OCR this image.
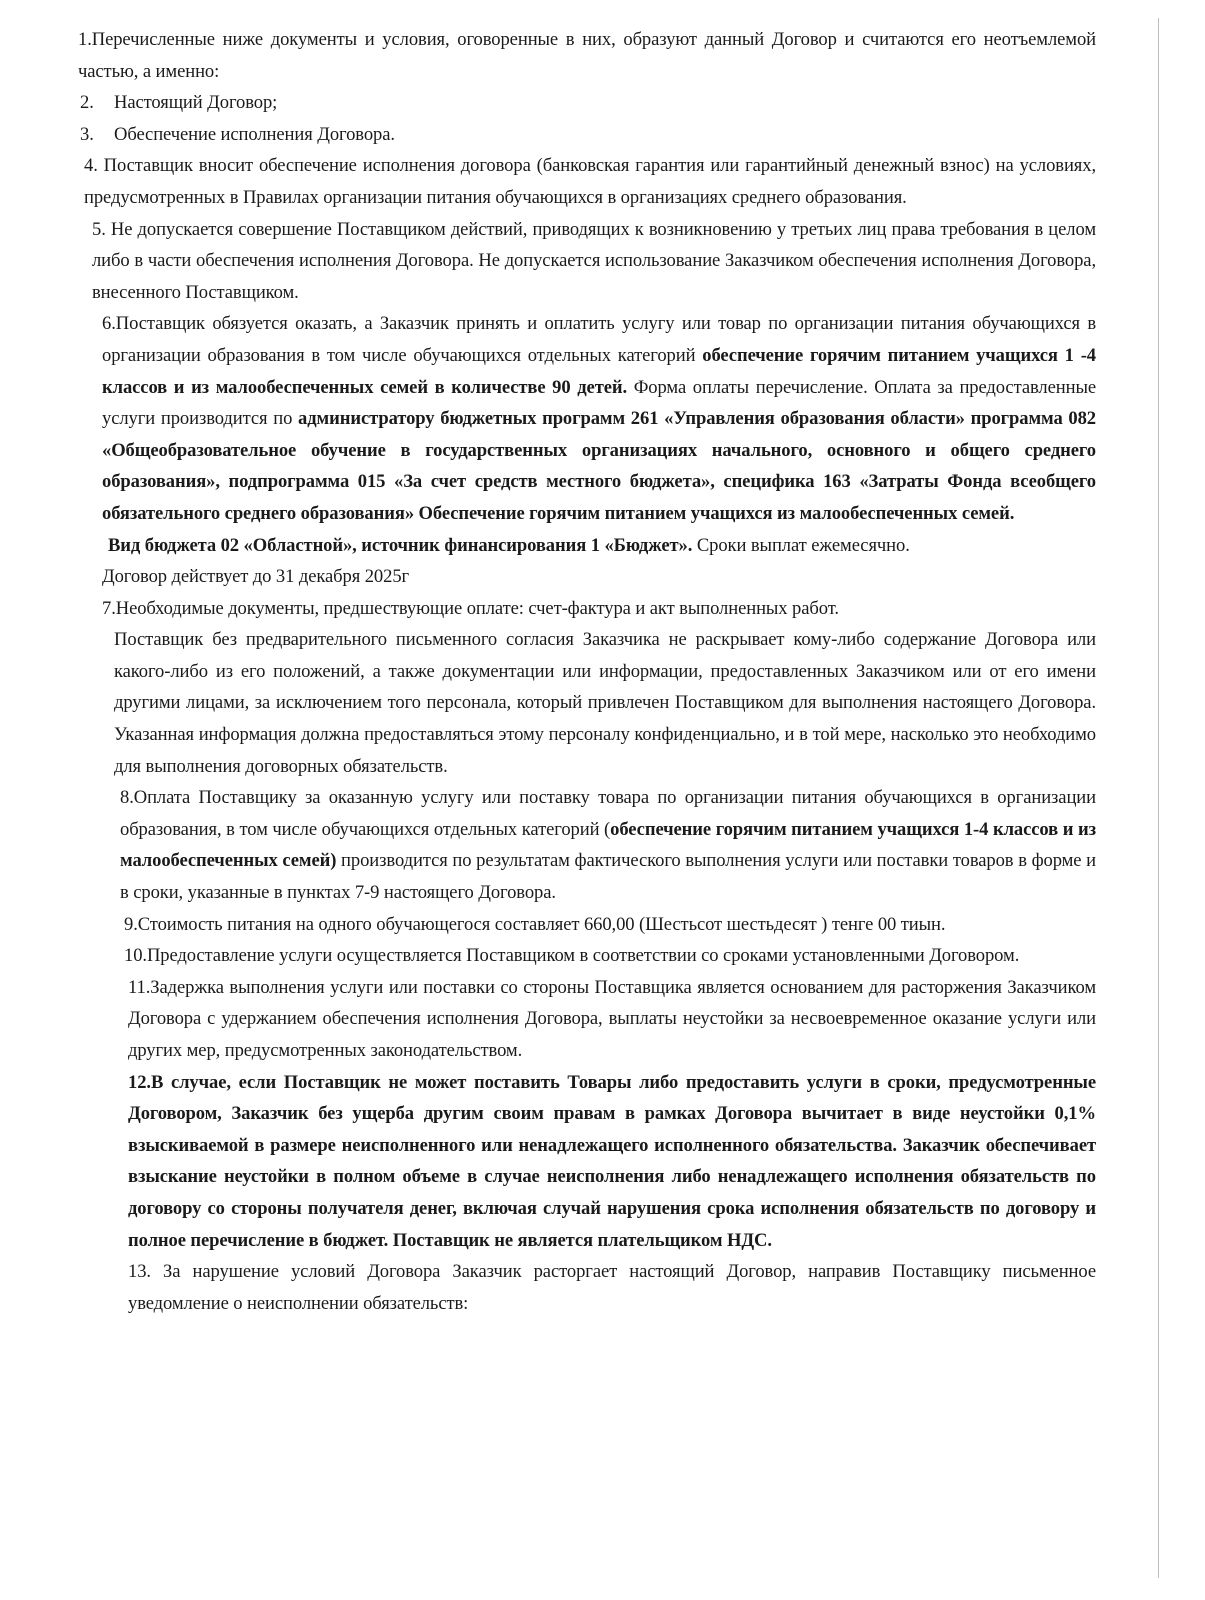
1.Перечисленные ниже документы и условия, оговоренные в них, образуют данный Договор и считаются его неотъемлемой частью, а именно:

2. Настоящий Договор;

3. Обеспечение исполнения Договора.

4. Поставщик вносит обеспечение исполнения договора (банковская гарантия или гарантийный денежный взнос) на условиях, предусмотренных в Правилах организации питания обучающихся в организациях среднего образования.

5. Не допускается совершение Поставщиком действий, приводящих к возникновению у третьих лиц права требования в целом либо в части обеспечения исполнения Договора. Не допускается использование Заказчиком обеспечения исполнения Договора, внесенного Поставщиком.

6.Поставщик обязуется оказать, а Заказчик принять и оплатить услугу или товар по организации питания обучающихся в организации образования в том числе обучающихся отдельных категорий обеспечение горячим питанием учащихся 1 -4 классов и из малообеспеченных семей в количестве 90 детей. Форма оплаты перечисление. Оплата за предоставленные услуги производится по администратору бюджетных программ 261 «Управления образования области» программа 082 «Общеобразовательное обучение в государственных организациях начального, основного и общего среднего образования», подпрограмма 015 «За счет средств местного бюджета», специфика 163 «Затраты Фонда всеобщего обязательного среднего образования» Обеспечение горячим питанием учащихся из малообеспеченных семей.

Вид бюджета 02 «Областной», источник финансирования 1 «Бюджет». Сроки выплат ежемесячно.

Договор действует до 31 декабря 2025г

7.Необходимые документы, предшествующие оплате: счет-фактура и акт выполненных работ.

Поставщик без предварительного письменного согласия Заказчика не раскрывает кому-либо содержание Договора или какого-либо из его положений, а также документации или информации, предоставленных Заказчиком или от его имени другими лицами, за исключением того персонала, который привлечен Поставщиком для выполнения настоящего Договора. Указанная информация должна предоставляться этому персоналу конфиденциально, и в той мере, насколько это необходимо для выполнения договорных обязательств.

8.Оплата Поставщику за оказанную услугу или поставку товара по организации питания обучающихся в организации образования, в том числе обучающихся отдельных категорий (обеспечение горячим питанием учащихся 1-4 классов и из малообеспеченных семей) производится по результатам фактического выполнения услуги или поставки товаров в форме и в сроки, указанные в пунктах 7-9 настоящего Договора.

9.Стоимость питания на одного обучающегося составляет 660,00 (Шестьсот шестьдесят ) тенге 00 тиын.

10.Предоставление услуги осуществляется Поставщиком в соответствии со сроками установленными Договором.

11.Задержка выполнения услуги или поставки со стороны Поставщика является основанием для расторжения Заказчиком Договора с удержанием обеспечения исполнения Договора, выплаты неустойки за несвоевременное оказание услуги или других мер, предусмотренных законодательством.

12.В случае, если Поставщик не может поставить Товары либо предоставить услуги в сроки, предусмотренные Договором, Заказчик без ущерба другим своим правам в рамках Договора вычитает в виде неустойки 0,1% взыскиваемой в размере неисполненного или ненадлежащего исполненного обязательства. Заказчик обеспечивает взыскание неустойки в полном объеме в случае неисполнения либо ненадлежащего исполнения обязательств по договору со стороны получателя денег, включая случай нарушения срока исполнения обязательств по договору и полное перечисление в бюджет. Поставщик не является плательщиком НДС.

13. За нарушение условий Договора Заказчик расторгает настоящий Договор, направив Поставщику письменное уведомление о неисполнении обязательств:
